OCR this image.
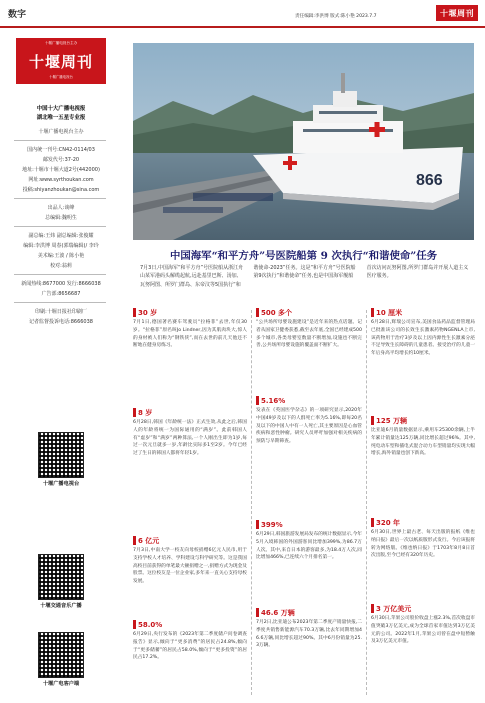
数字	责任编辑:李洪博 版式:陈小艳 2023.7.7	十堰周刊
十堰广播电视台主办
十堰周刊
十堰广播电视台
中国十大广播电视报
湖北唯一五星专业报
十堰广播电视台主办
国内统一刊号:CN42-0114/03
邮发代号:37-20
地址:十堰市十堰大道2号(442000)
网址:www.syrthoukan.com
投稿:shiyanzhoukan@sina.com
出品人:谈峰
总编辑:魏明生
副总编:王炜 副总编辑:张俊耀
编辑:李洪博 周春(郭瑞编辑)/ 李玲
美术编:王波 / 陈小艳
校对:翁莉
新闻热线:8677000 发行:8666038
广告部:8656687
印刷:十堰日报社印刷厂
记者监督投诉电话:8666038
十堰广播电视台
十堰交通音乐广播
十堰广电客户端
866
中国海军“和平方舟”号医院船第 9 次执行“和谐使命”任务
7月3日,中国海军“和平方舟”号医院船从浙江舟山某军港码头解缆起航,远赴基里巴斯、汤加、瓦努阿图、所罗门群岛、东帝汶等5国执行“和谐使命-2023”任务。这是“和平方舟”号医院船第9次执行“和谐使命”任务,也是中国海军舰船首次访问瓦努阿图,所罗门群岛并开展人道主义医疗服务。
30 岁
7月1日,德国著名赛车驾驶员“拉格菲”去世,年仅30岁。“拉格菲”原名叫Jo Lindner,因为其肌肉块大,惊人的身材被人们称为“钢铁侠”,而在去世的前几天他还不断地在健身房练习。
8 岁
6月28日,韩国《年龄统一法》正式生效,从此之后,韩国人的年龄将统一为国际通用的“满岁”。此前韩国人有“虚岁”和“满岁”两种算法,一个人刚出生即为1岁,每过一次元旦就多一岁,年龄比实际多1至2岁。今年已经过了生日的韩国人都将年轻1岁。
6 亿元
7月3日,中南大学一校友向母校捐赠6亿元人民币,用于支持学校人才培养、学科建设与科学研究等。这是我国高校目前获得的单笔最大额捐赠之一,捐赠方式为现金及股票。这位校友是一位企业家,多年来一直关心支持母校发展。
58.0%
6月29日,央行发布的《2023年第二季度储户问卷调查报告》显示,倾向于“更多消费”的居民占24.8%,倾向于“更多储蓄”的居民占58.0%,倾向于“更多投资”的居民占17.2%。
500 多个
“公共场所母婴设施建设”是近年来的热点话题。记者从国家卫健委获悉,截至去年底,全国已经建成500多个城市,各类母婴室数量不断增加,设施也不断完善,公共场所母婴设施的覆盖面不断扩大。
5.16%
发表在《英国医学杂志》的一项研究显示,2020年中国49岁及以下的人群死亡率为5.16%,即每20名及以下的中国人中有一人死亡,其主要原因是心血管疾病和恶性肿瘤。研究人员呼吁加强对相关疾病的预防与早期筛查。
399%
6月29日,韩国旅游发展局发布的统计数据显示,今年5月入境韩国的外国游客同比增加399%,为86.7万人次。其中,来自日本的游客最多,为18.4万人次,同比增加466%,已连续六个月排名第一。
46.6 万辆
7月2日,比亚迪公布2023年第二季度产销量快报,二季度共销售新能源汽车70.3万辆,比去年同期增加46.6万辆,同比增长超过90%。其中6月份销量为25.3万辆。
10 厘米
6月28日,辉瑞公司宣布,美国食品药品监督管理局已批准该公司的长效生长激素药物NGENLA上市,该药物用于治疗3岁及以上因内源性生长激素分泌不足导致生长障碍的儿童患者。接受治疗的儿童一年后身高平均增长约10厘米。
125 万辆
比亚迪6月销量数据显示,乘用车25300余辆,上半年累计销量达125万辆,同比增长超过96%。其中,纯电动车型和插电式混合动力车型销量均实现大幅增长,海外销量也创下新高。
320 年
6月30日,世界上最古老、每天出版的报纸《维也纳日报》最后一次以纸质版形式发行。今后该报将转为网络版。《维也纳日报》于1703年8月8日首次出版,至今已经有320年历史。
3 万亿美元
6月30日,苹果公司股价收盘上涨2.3%,首次收盘市值突破3万亿美元,成为全球首家市值达到3万亿美元的公司。2022年1月,苹果公司曾在盘中短暂触及3万亿美元市值。
